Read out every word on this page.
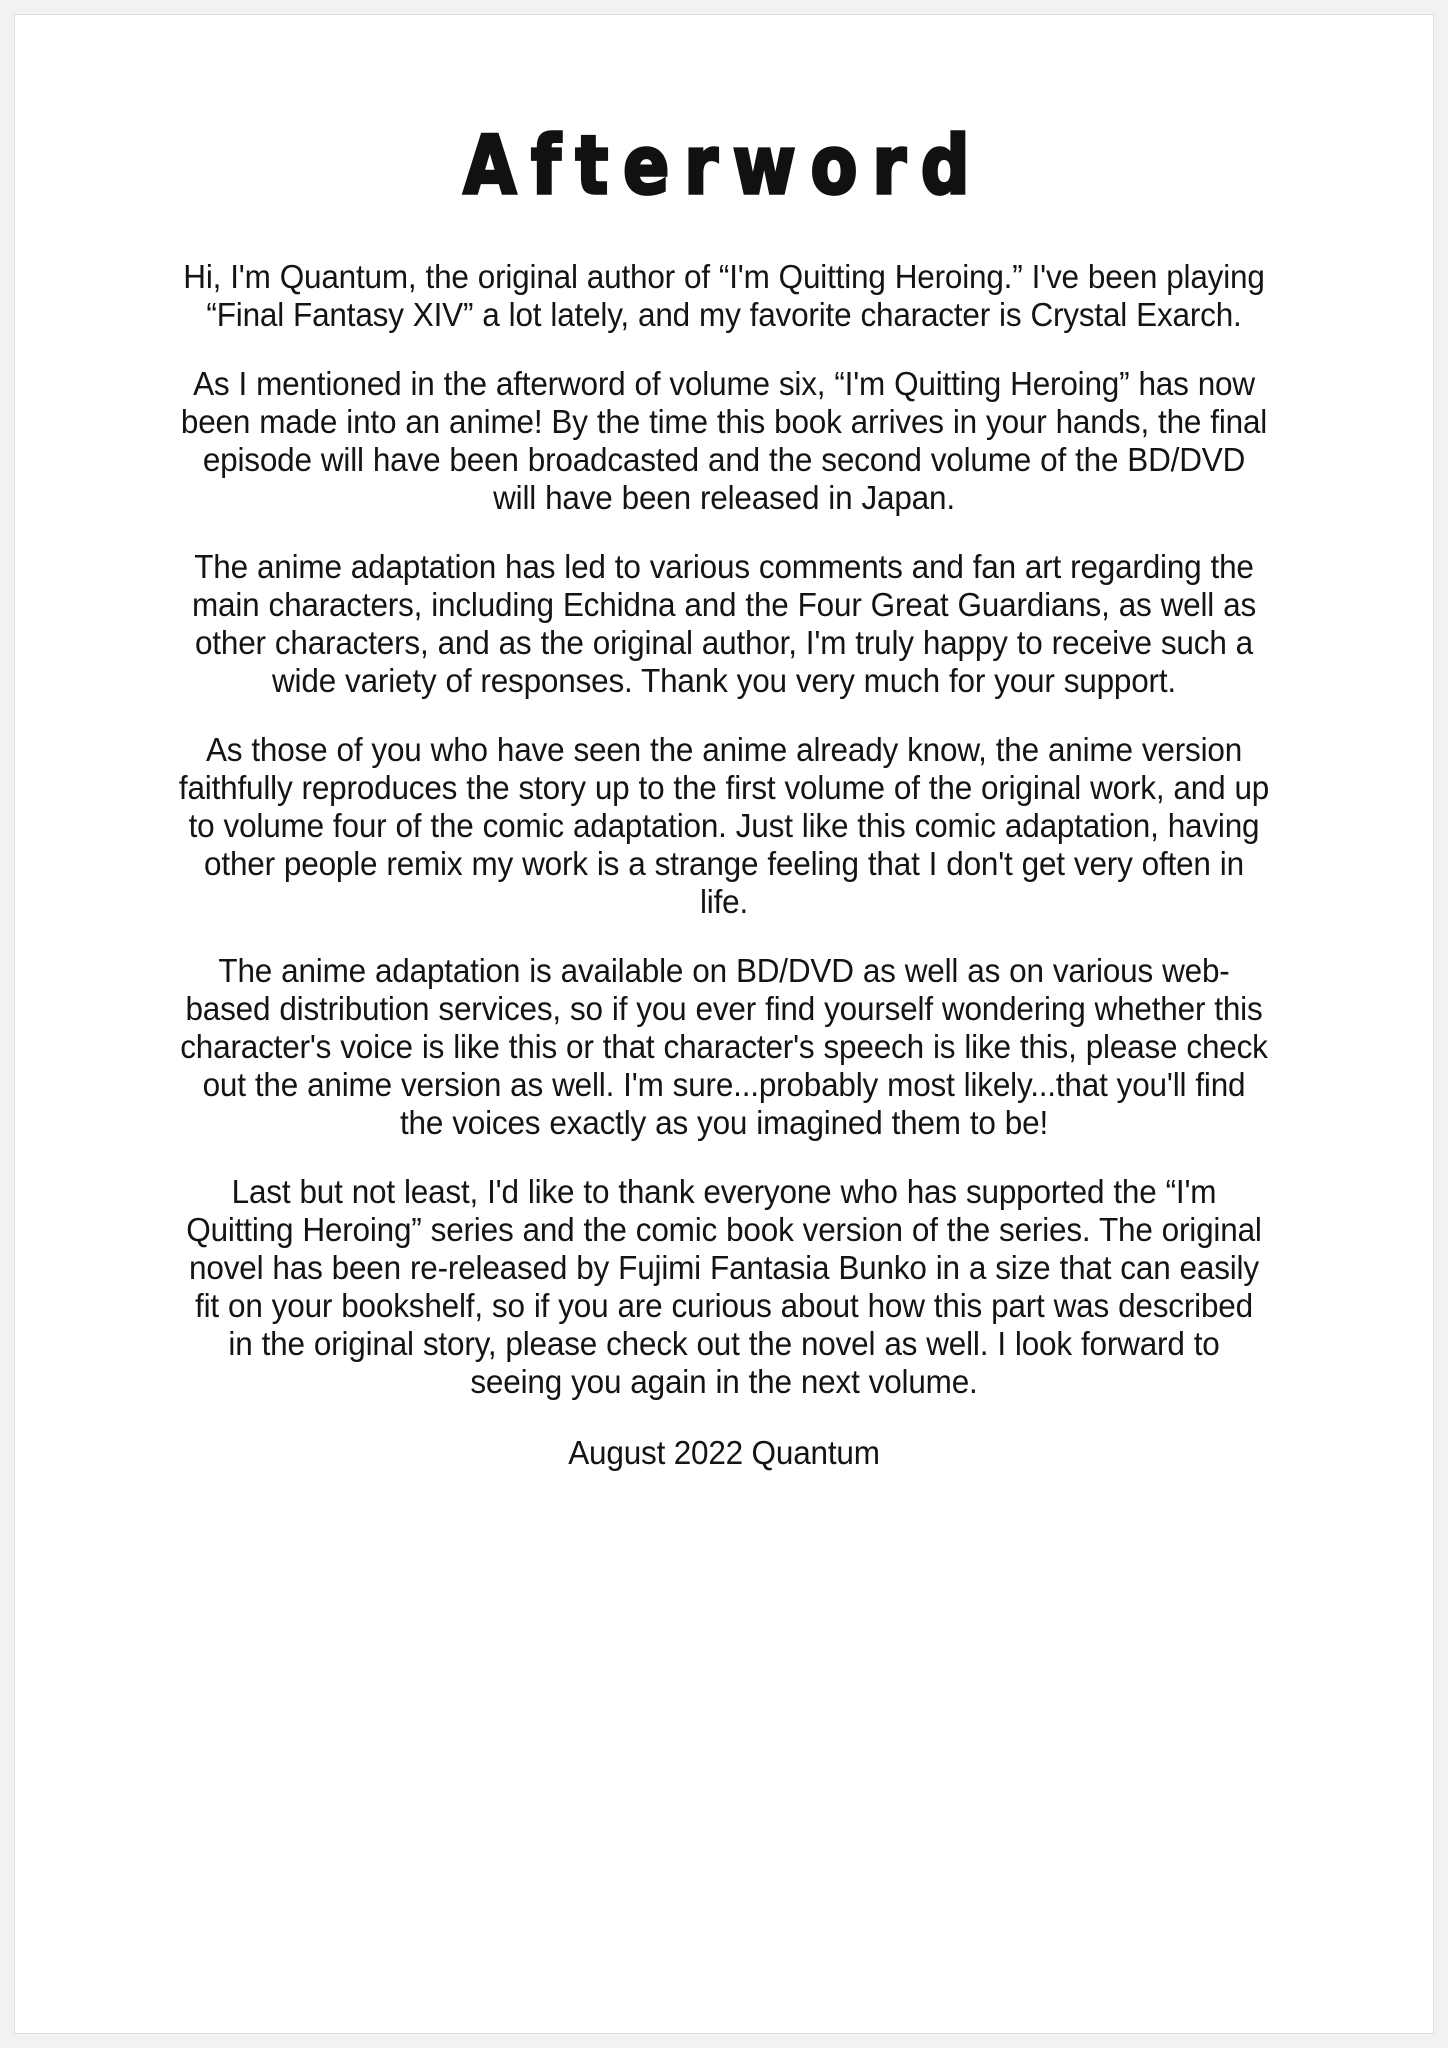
Afterword

Hi, I'm Quantum, the original author of “I'm Quitting Heroing.” I've been playing “Final Fantasy XIV” a lot lately, and my favorite character is Crystal Exarch.

As I mentioned in the afterword of volume six, “I'm Quitting Heroing” has now been made into an anime! By the time this book arrives in your hands, the final episode will have been broadcasted and the second volume of the BD/DVD will have been released in Japan.

The anime adaptation has led to various comments and fan art regarding the main characters, including Echidna and the Four Great Guardians, as well as other characters, and as the original author, I'm truly happy to receive such a wide variety of responses. Thank you very much for your support.

As those of you who have seen the anime already know, the anime version faithfully reproduces the story up to the first volume of the original work, and up to volume four of the comic adaptation. Just like this comic adaptation, having other people remix my work is a strange feeling that I don't get very often in life.

The anime adaptation is available on BD/DVD as well as on various web-based distribution services, so if you ever find yourself wondering whether this character's voice is like this or that character's speech is like this, please check out the anime version as well. I'm sure...probably most likely...that you'll find the voices exactly as you imagined them to be!

Last but not least, I'd like to thank everyone who has supported the “I'm Quitting Heroing” series and the comic book version of the series. The original novel has been re-released by Fujimi Fantasia Bunko in a size that can easily fit on your bookshelf, so if you are curious about how this part was described in the original story, please check out the novel as well. I look forward to seeing you again in the next volume.

August 2022 Quantum
